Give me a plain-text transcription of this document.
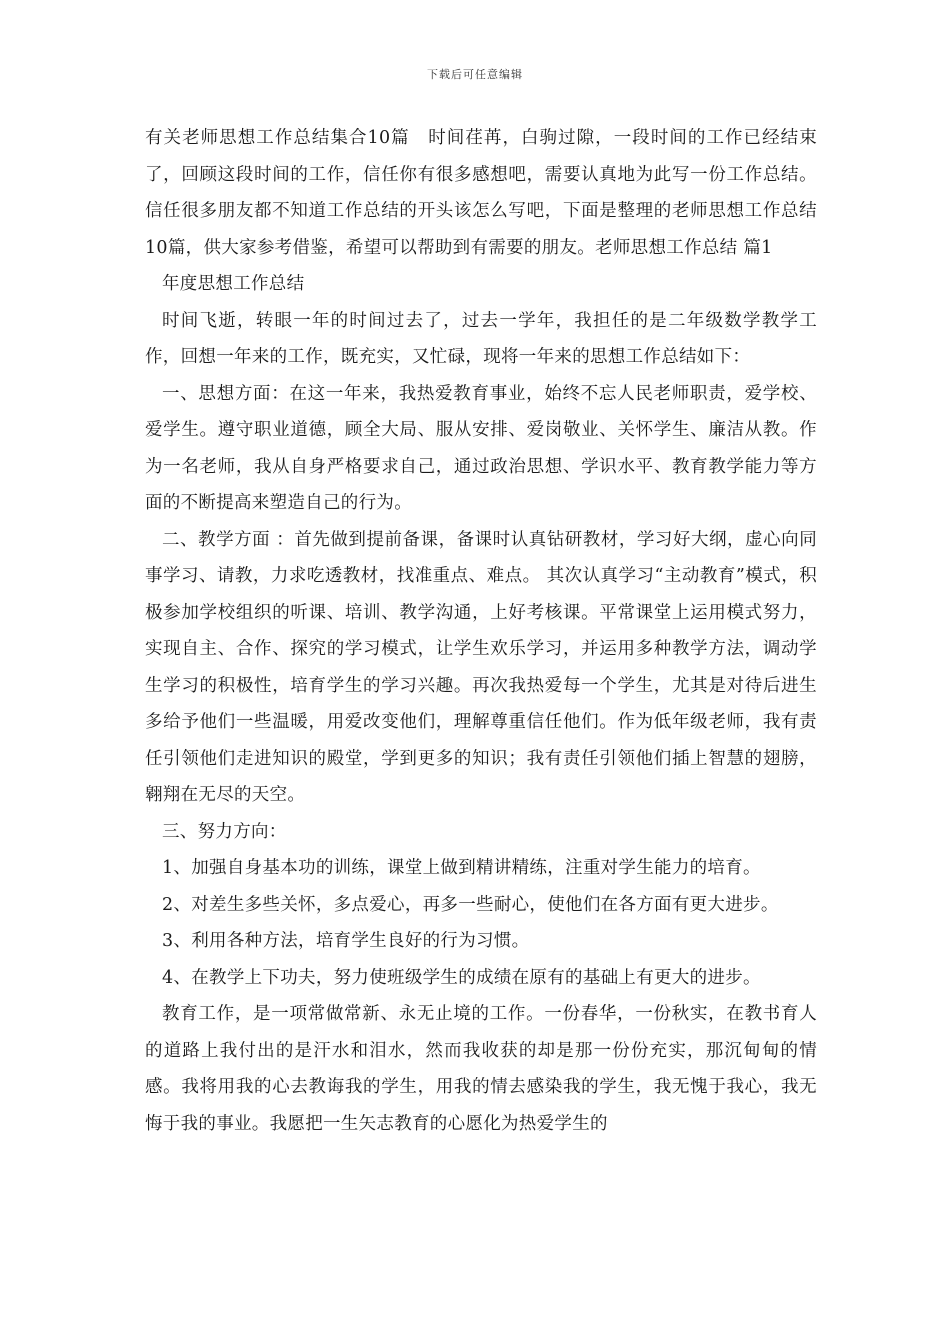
下载后可任意编辑

有关老师思想工作总结集合10篇　时间荏苒，白驹过隙，一段时间的工作已经结束了，回顾这段时间的工作，信任你有很多感想吧，需要认真地为此写一份工作总结。信任很多朋友都不知道工作总结的开头该怎么写吧，下面是整理的老师思想工作总结10篇，供大家参考借鉴，希望可以帮助到有需要的朋友。老师思想工作总结 篇1

年度思想工作总结

时间飞逝，转眼一年的时间过去了，过去一学年，我担任的是二年级数学教学工作，回想一年来的工作，既充实，又忙碌，现将一年来的思想工作总结如下：

一、思想方面：在这一年来，我热爱教育事业，始终不忘人民老师职责，爱学校、爱学生。遵守职业道德，顾全大局、服从安排、爱岗敬业、关怀学生、廉洁从教。作为一名老师，我从自身严格要求自己，通过政治思想、学识水平、教育教学能力等方面的不断提高来塑造自己的行为。

二、教学方面 ：首先做到提前备课，备课时认真钻研教材，学习好大纲，虚心向同事学习、请教，力求吃透教材，找准重点、难点。 其次认真学习“主动教育”模式，积极参加学校组织的听课、培训、教学沟通，上好考核课。平常课堂上运用模式努力，实现自主、合作、探究的学习模式，让学生欢乐学习，并运用多种教学方法，调动学生学习的积极性，培育学生的学习兴趣。再次我热爱每一个学生，尤其是对待后进生多给予他们一些温暖，用爱改变他们，理解尊重信任他们。作为低年级老师，我有责任引领他们走进知识的殿堂，学到更多的知识；我有责任引领他们插上智慧的翅膀，翱翔在无尽的天空。

三、努力方向：

1、加强自身基本功的训练，课堂上做到精讲精练，注重对学生能力的培育。

2、对差生多些关怀，多点爱心，再多一些耐心，使他们在各方面有更大进步。

3、利用各种方法，培育学生良好的行为习惯。

4、在教学上下功夫，努力使班级学生的成绩在原有的基础上有更大的进步。

教育工作，是一项常做常新、永无止境的工作。一份春华，一份秋实，在教书育人的道路上我付出的是汗水和泪水，然而我收获的却是那一份份充实，那沉甸甸的情感。我将用我的心去教诲我的学生，用我的情去感染我的学生，我无愧于我心，我无悔于我的事业。我愿把一生矢志教育的心愿化为热爱学生的
